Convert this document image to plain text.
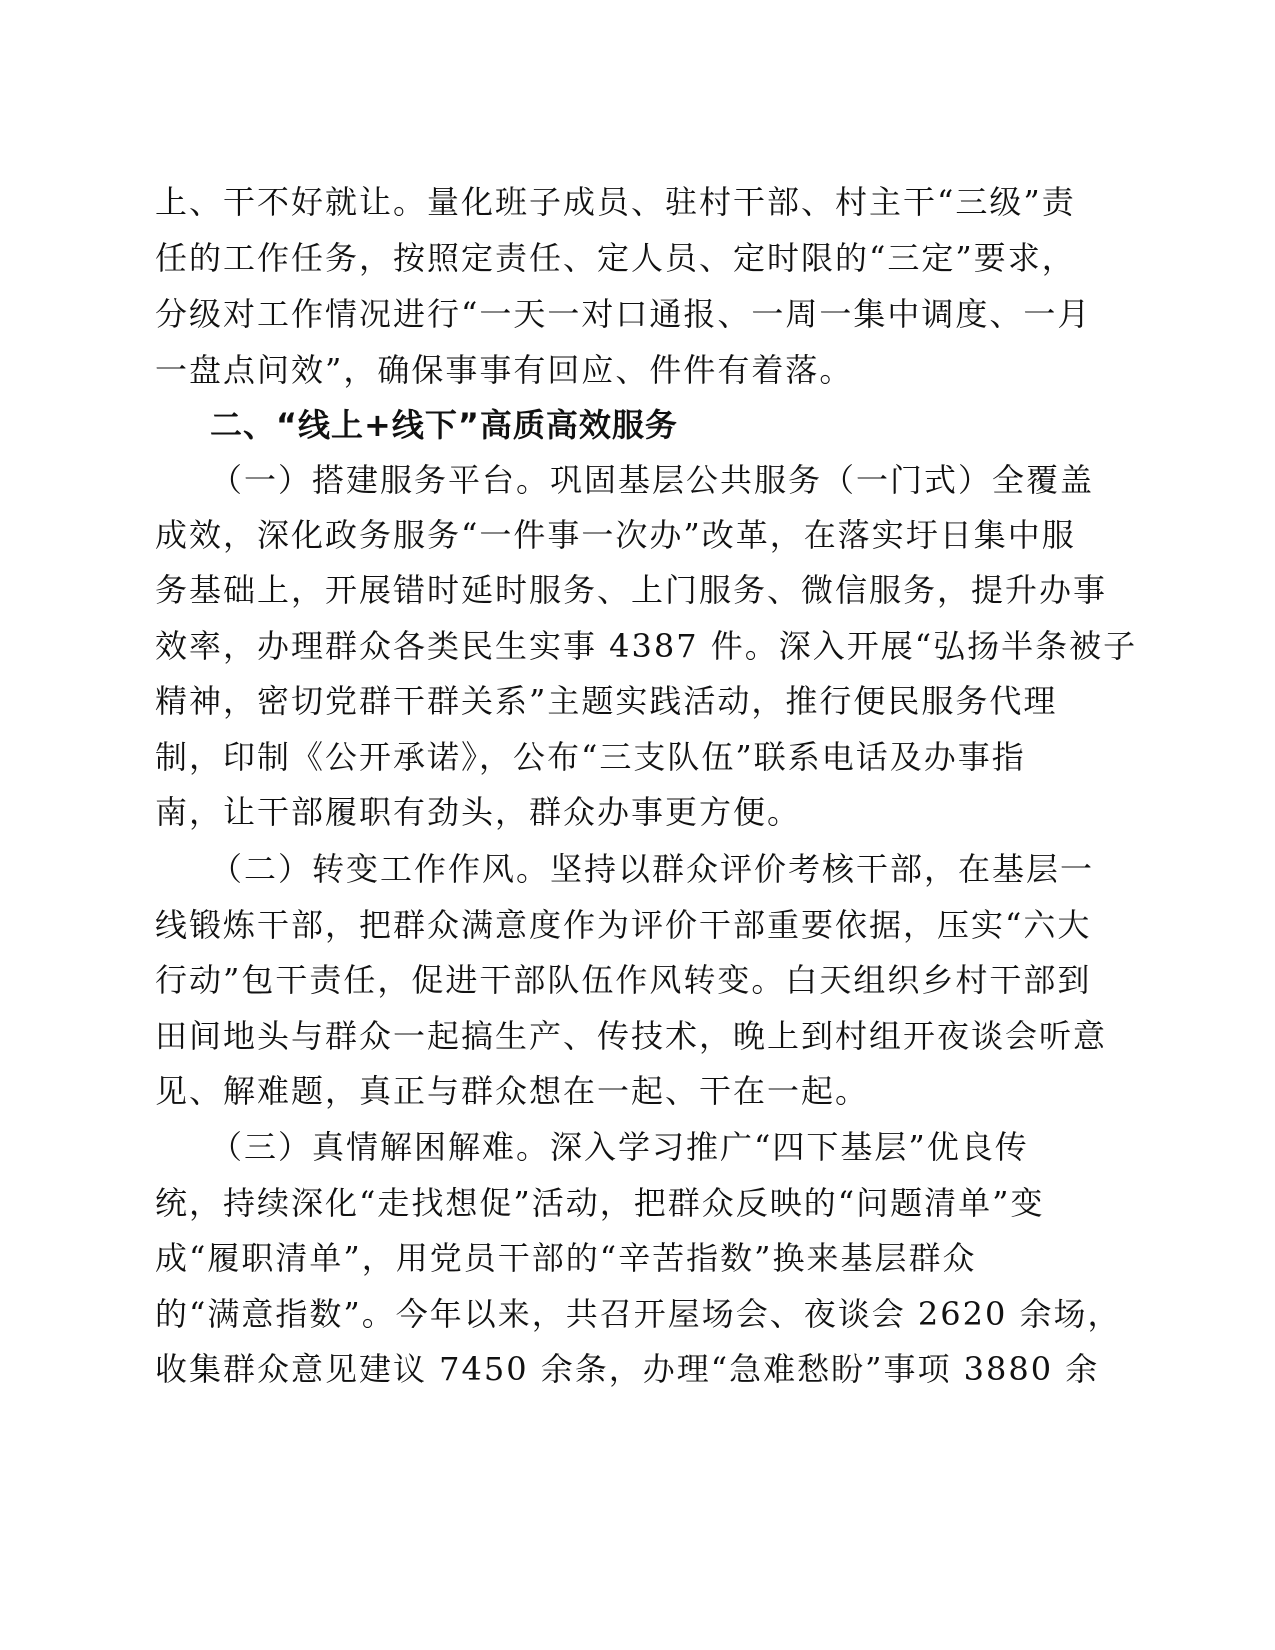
上、干不好就让。量化班子成员、驻村干部、村主干“三级”责
任的工作任务，按照定责任、定人员、定时限的“三定”要求，
分级对工作情况进行“一天一对口通报、一周一集中调度、一月
一盘点问效”，确保事事有回应、件件有着落。
二、“线上+线下”高质高效服务
（一）搭建服务平台。巩固基层公共服务（一门式）全覆盖
成效，深化政务服务“一件事一次办”改革，在落实圩日集中服
务基础上，开展错时延时服务、上门服务、微信服务，提升办事
效率，办理群众各类民生实事 4387 件。深入开展“弘扬半条被子
精神，密切党群干群关系”主题实践活动，推行便民服务代理
制，印制《公开承诺》，公布“三支队伍”联系电话及办事指
南，让干部履职有劲头，群众办事更方便。
（二）转变工作作风。坚持以群众评价考核干部，在基层一
线锻炼干部，把群众满意度作为评价干部重要依据，压实“六大
行动”包干责任，促进干部队伍作风转变。白天组织乡村干部到
田间地头与群众一起搞生产、传技术，晚上到村组开夜谈会听意
见、解难题，真正与群众想在一起、干在一起。
（三）真情解困解难。深入学习推广“四下基层”优良传
统，持续深化“走找想促”活动，把群众反映的“问题清单”变
成“履职清单”，用党员干部的“辛苦指数”换来基层群众
的“满意指数”。今年以来，共召开屋场会、夜谈会 2620 余场，
收集群众意见建议 7450 余条，办理“急难愁盼”事项 3880 余
